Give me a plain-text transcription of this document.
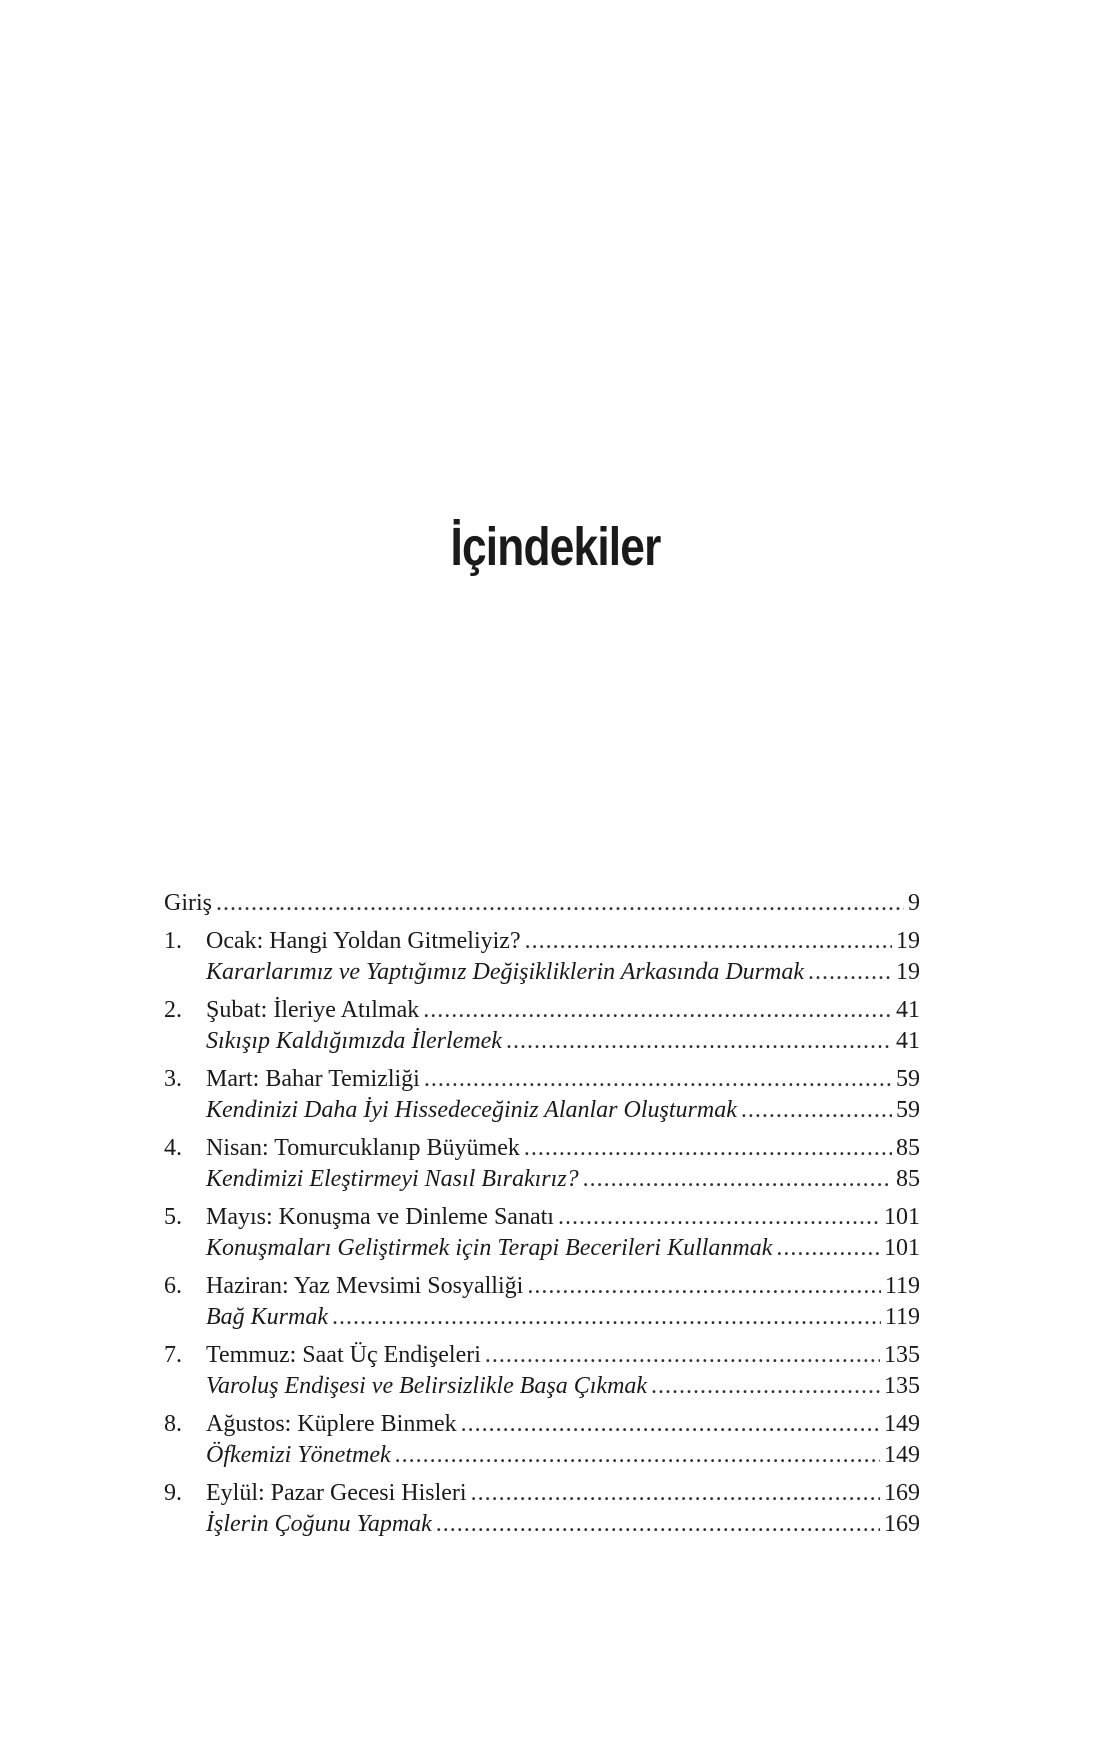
İçindekiler
Giriş .....	9
1.	Ocak: Hangi Yoldan Gitmeliyiz? .....	19
Kararlarımız ve Yaptığımız Değişikliklerin Arkasında Durmak .....	19
2.	Şubat: İleriye Atılmak .....	41
Sıkışıp Kaldığımızda İlerlemek .....	41
3.	Mart: Bahar Temizliği .....	59
Kendinizi Daha İyi Hissedeceğiniz Alanlar Oluşturmak .....	59
4.	Nisan: Tomurcuklanıp Büyümek .....	85
Kendimizi Eleştirmeyi Nasıl Bırakırız? .....	85
5.	Mayıs: Konuşma ve Dinleme Sanatı .....	101
Konuşmaları Geliştirmek için Terapi Becerileri Kullanmak .....	101
6.	Haziran: Yaz Mevsimi Sosyalliği .....	119
Bağ Kurmak .....	119
7.	Temmuz: Saat Üç Endişeleri .....	135
Varoluş Endişesi ve Belirsizlikle Başa Çıkmak .....	135
8.	Ağustos: Küplere Binmek .....	149
Öfkemizi Yönetmek .....	149
9.	Eylül: Pazar Gecesi Hisleri .....	169
İşlerin Çoğunu Yapmak .....	169
